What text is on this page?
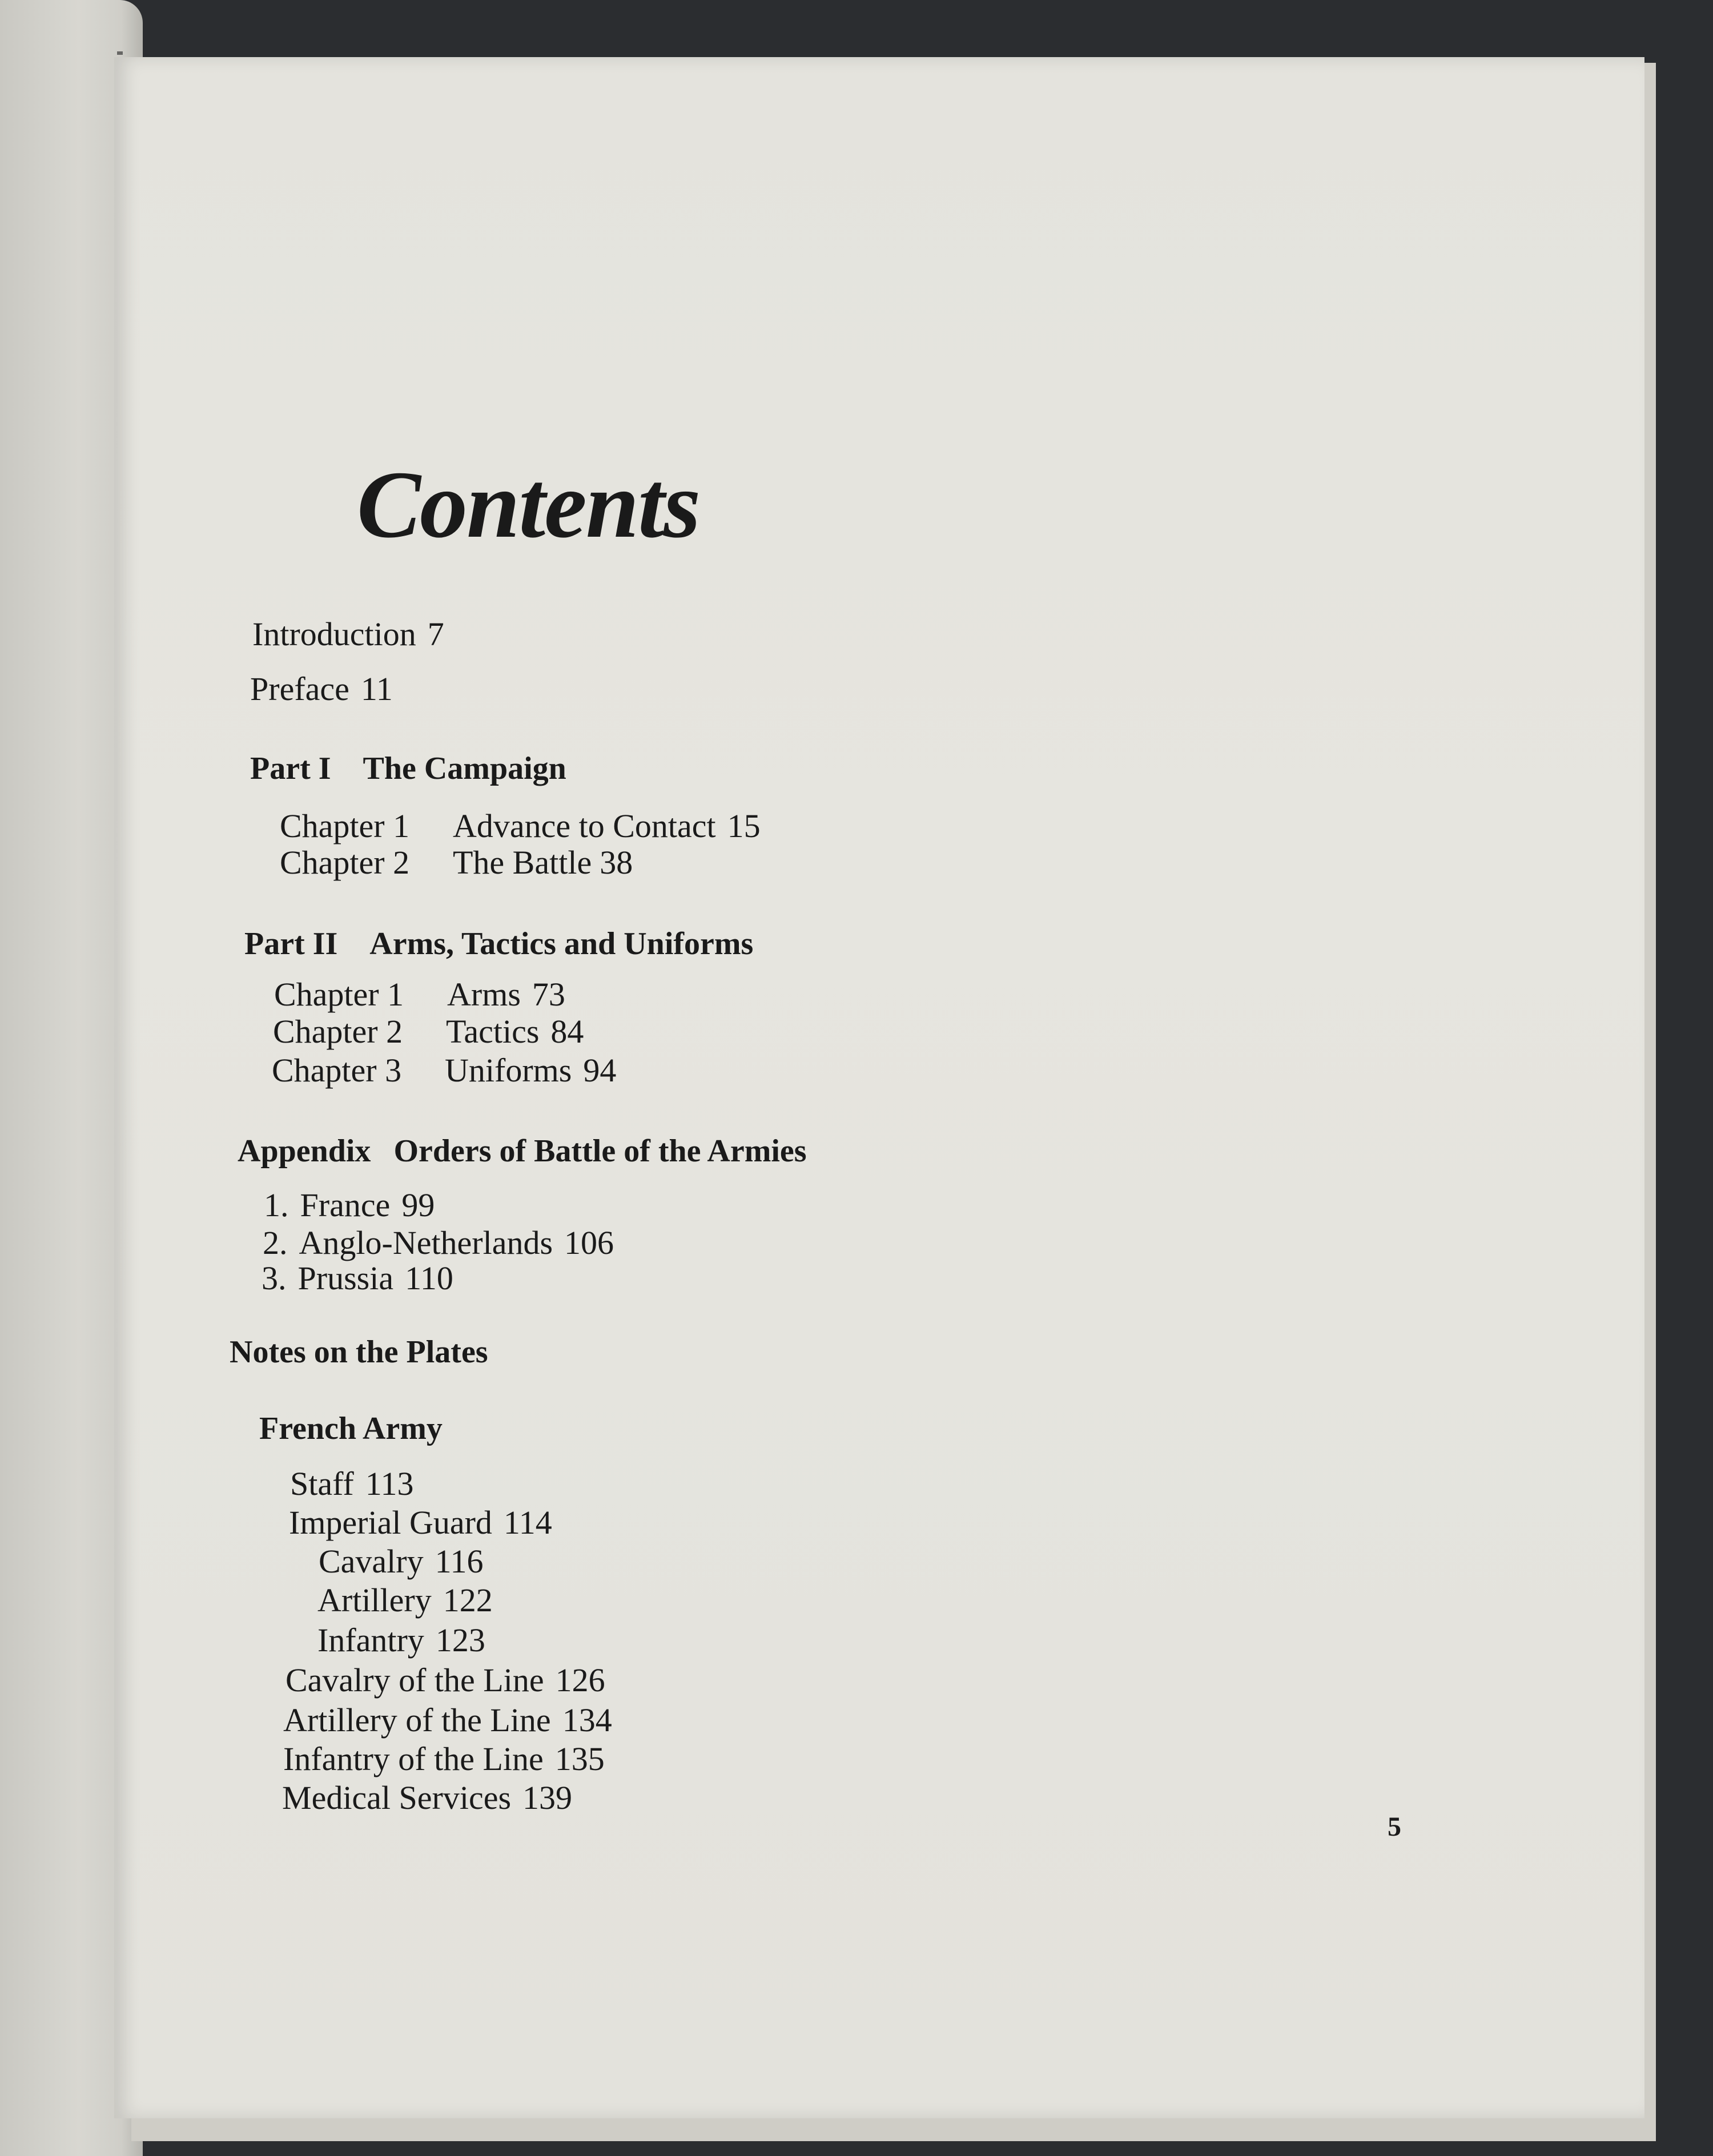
Contents
Introduction 7
Preface 11
Part I The Campaign
Chapter 1 Advance to Contact 15
Chapter 2 The Battle 38
Part II Arms, Tactics and Uniforms
Chapter 1 Arms 73
Chapter 2 Tactics 84
Chapter 3 Uniforms 94
Appendix Orders of Battle of the Armies
1. France 99
2. Anglo-Netherlands 106
3. Prussia 110
Notes on the Plates
French Army
Staff 113
Imperial Guard 114
Cavalry 116
Artillery 122
Infantry 123
Cavalry of the Line 126
Artillery of the Line 134
Infantry of the Line 135
Medical Services 139
5
